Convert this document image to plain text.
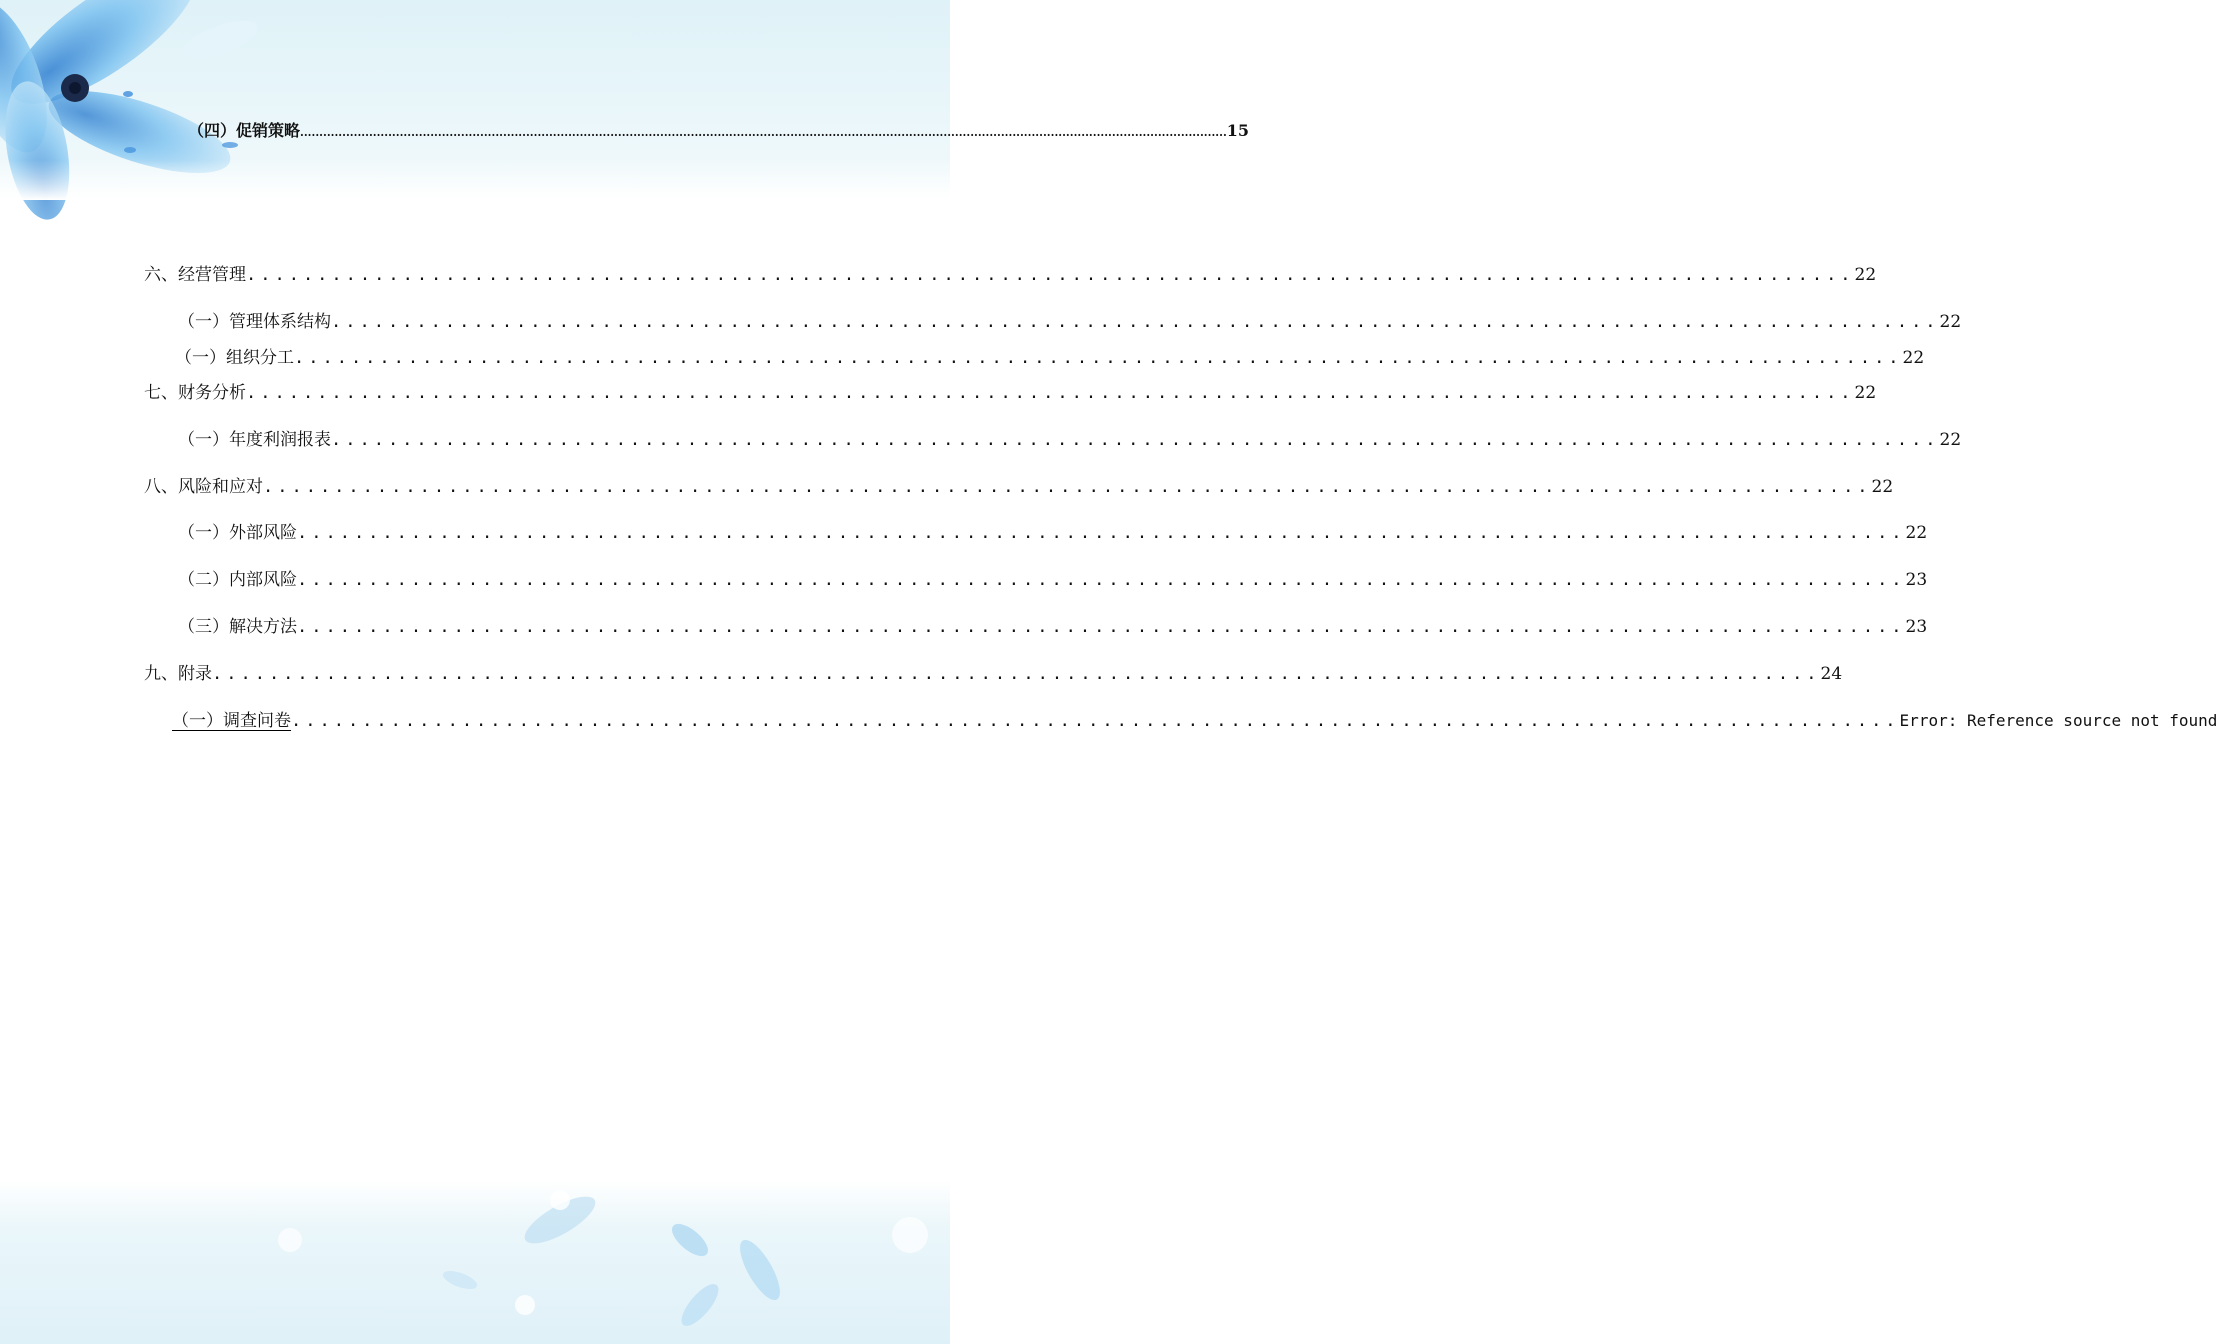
（四）促销策略 .................................................................................................................................................................................................................................................. 15
六、经营管理 ................................................................................................................. 22
（一）管理体系结构 ................................................................................................................. 22
（一）组织分工 ................................................................................................................. 22
七、财务分析 ................................................................................................................. 22
（一）年度利润报表 ................................................................................................................. 22
八、风险和应对 ................................................................................................................. 22
（一）外部风险 ................................................................................................................. 22
（二）内部风险 ................................................................................................................. 23
（三）解决方法 ................................................................................................................. 23
九、附录 ................................................................................................................. 24
（一）调查问卷 ................................................................................................................. Error: Reference source not found
